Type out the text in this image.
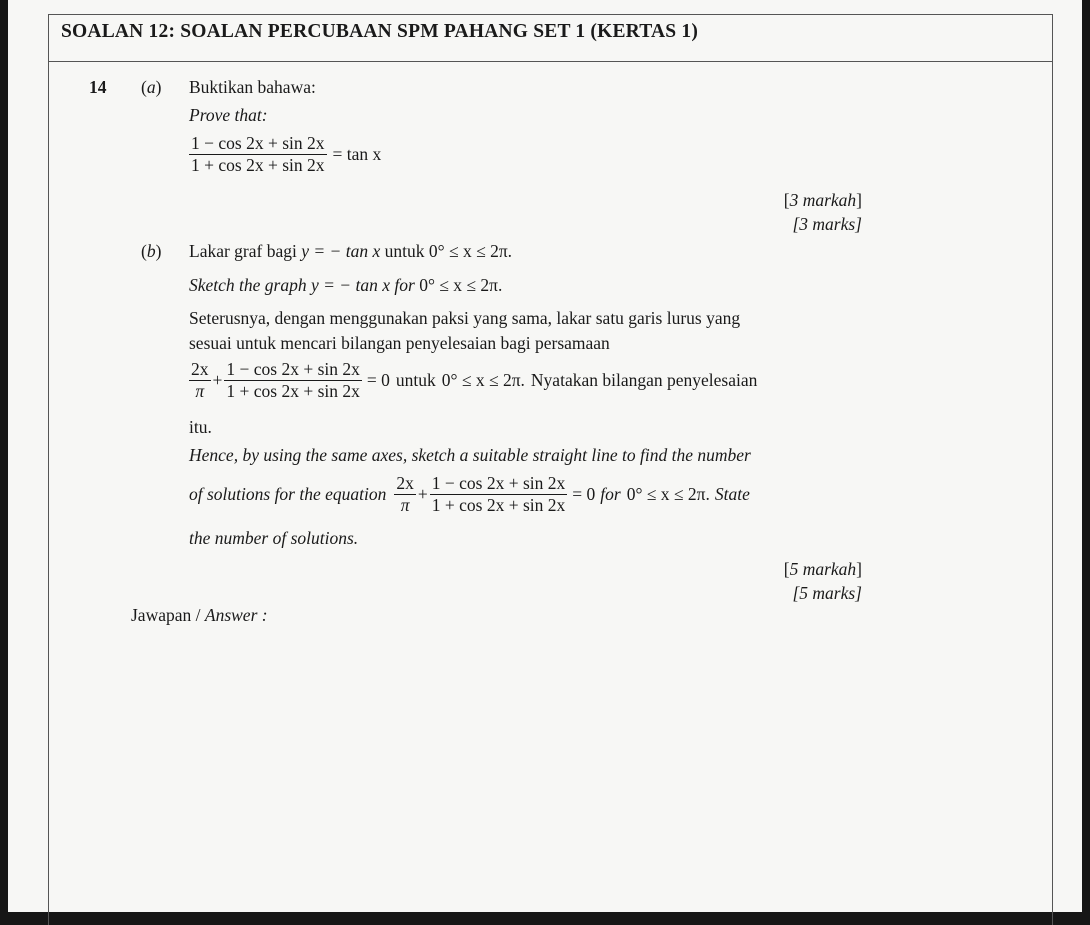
SOALAN 12: SOALAN PERCUBAAN SPM PAHANG SET 1 (KERTAS 1)
14 (a) Buktikan bahawa:
Prove that:
$\frac{1 - \cos 2x + \sin 2x}{1 + \cos 2x + \sin 2x} = \tan x$
[3 markah]
[3 marks]
(b) Lakar graf bagi y = − tan x untuk 0° ≤ x ≤ 2π.
Sketch the graph y = − tan x for 0° ≤ x ≤ 2π.
Seterusnya, dengan menggunakan paksi yang sama, lakar satu garis lurus yang
sesuai untuk mencari bilangan penyelesaian bagi persamaan
$\frac{2x}{\pi} + \frac{1 - \cos 2x + \sin 2x}{1 + \cos 2x + \sin 2x} = 0$ untuk 0° ≤ x ≤ 2π. Nyatakan bilangan penyelesaian
itu.
Hence, by using the same axes, sketch a suitable straight line to find the number
of solutions for the equation $\frac{2x}{\pi} + \frac{1 - \cos 2x + \sin 2x}{1 + \cos 2x + \sin 2x} = 0$ for 0° ≤ x ≤ 2π. State
the number of solutions.
[5 markah]
[5 marks]
Jawapan / Answer :
